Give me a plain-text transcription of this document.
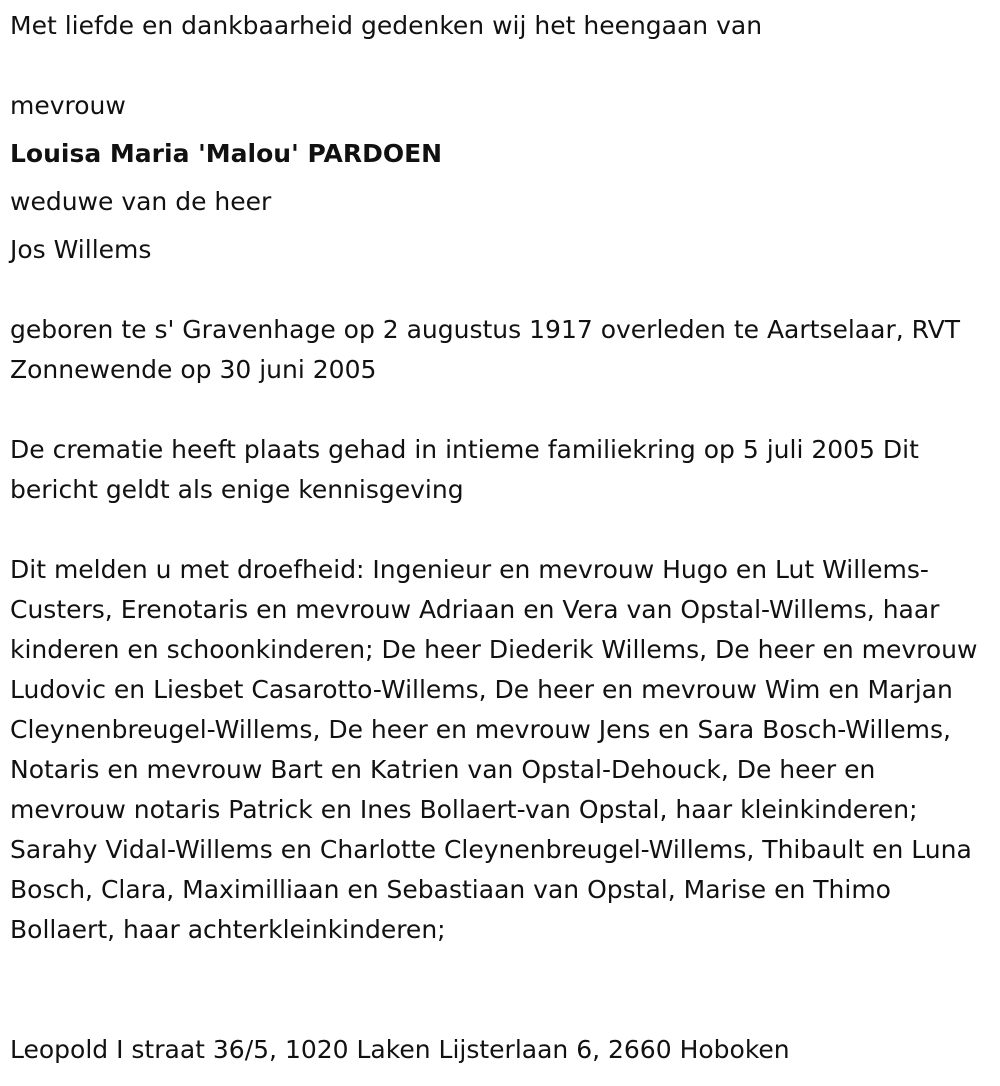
Met liefde en dankbaarheid gedenken wij het heengaan van
mevrouw
Louisa Maria 'Malou' PARDOEN
weduwe van de heer
Jos Willems

geboren te s' Gravenhage op 2 augustus 1917 overleden te Aartselaar, RVT Zonnewende op 30 juni 2005

De crematie heeft plaats gehad in intieme familiekring op 5 juli 2005 Dit bericht geldt als enige kennisgeving

Dit melden u met droefheid: Ingenieur en mevrouw Hugo en Lut Willems-Custers, Erenotaris en mevrouw Adriaan en Vera van Opstal-Willems, haar kinderen en schoonkinderen; De heer Diederik Willems, De heer en mevrouw Ludovic en Liesbet Casarotto-Willems, De heer en mevrouw Wim en Marjan Cleynenbreugel-Willems, De heer en mevrouw Jens en Sara Bosch-Willems, Notaris en mevrouw Bart en Katrien van Opstal-Dehouck, De heer en mevrouw notaris Patrick en Ines Bollaert-van Opstal, haar kleinkinderen; Sarahy Vidal-Willems en Charlotte Cleynenbreugel-Willems, Thibault en Luna Bosch, Clara, Maximilliaan en Sebastiaan van Opstal, Marise en Thimo Bollaert, haar achterkleinkinderen;

Leopold I straat 36/5, 1020 Laken Lijsterlaan 6, 2660 Hoboken
